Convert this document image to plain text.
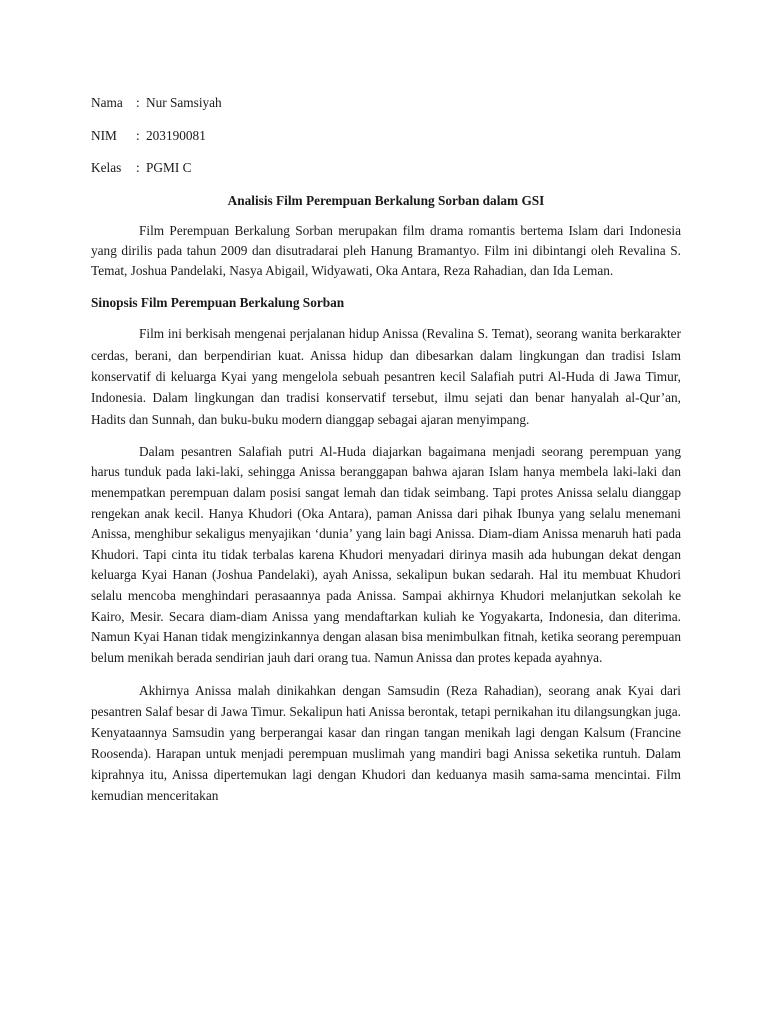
Nama : Nur Samsiyah
NIM	: 203190081
Kelas	: PGMI C
Analisis Film Perempuan Berkalung Sorban dalam GSI

Film Perempuan Berkalung Sorban merupakan film drama romantis bertema Islam dari Indonesia yang dirilis pada tahun 2009 dan disutradarai pleh Hanung Bramantyo. Film ini dibintangi oleh Revalina S. Temat, Joshua Pandelaki, Nasya Abigail, Widyawati, Oka Antara, Reza Rahadian, dan Ida Leman.

Sinopsis Film Perempuan Berkalung Sorban

Film ini berkisah mengenai perjalanan hidup Anissa (Revalina S. Temat), seorang wanita berkarakter cerdas, berani, dan berpendirian kuat. Anissa hidup dan dibesarkan dalam lingkungan dan tradisi Islam konservatif di keluarga Kyai yang mengelola sebuah pesantren kecil Salafiah putri Al-Huda di Jawa Timur, Indonesia. Dalam lingkungan dan tradisi konservatif tersebut, ilmu sejati dan benar hanyalah al-Qur’an, Hadits dan Sunnah, dan buku-buku modern dianggap sebagai ajaran menyimpang.

Dalam pesantren Salafiah putri Al-Huda diajarkan bagaimana menjadi seorang perempuan yang harus tunduk pada laki-laki, sehingga Anissa beranggapan bahwa ajaran Islam hanya membela laki-laki dan menempatkan perempuan dalam posisi sangat lemah dan tidak seimbang. Tapi protes Anissa selalu dianggap rengekan anak kecil. Hanya Khudori (Oka Antara), paman Anissa dari pihak Ibunya yang selalu menemani Anissa, menghibur sekaligus menyajikan ‘dunia’ yang lain bagi Anissa. Diam-diam Anissa menaruh hati pada Khudori. Tapi cinta itu tidak terbalas karena Khudori menyadari dirinya masih ada hubungan dekat dengan keluarga Kyai Hanan (Joshua Pandelaki), ayah Anissa, sekalipun bukan sedarah. Hal itu membuat Khudori selalu mencoba menghindari perasaannya pada Anissa. Sampai akhirnya Khudori melanjutkan sekolah ke Kairo, Mesir. Secara diam-diam Anissa yang mendaftarkan kuliah ke Yogyakarta, Indonesia, dan diterima. Namun Kyai Hanan tidak mengizinkannya dengan alasan bisa menimbulkan fitnah, ketika seorang perempuan belum menikah berada sendirian jauh dari orang tua. Namun Anissa dan protes kepada ayahnya.

Akhirnya Anissa malah dinikahkan dengan Samsudin (Reza Rahadian), seorang anak Kyai dari pesantren Salaf besar di Jawa Timur. Sekalipun hati Anissa berontak, tetapi pernikahan itu dilangsungkan juga. Kenyataannya Samsudin yang berperangai kasar dan ringan tangan menikah lagi dengan Kalsum (Francine Roosenda). Harapan untuk menjadi perempuan muslimah yang mandiri bagi Anissa seketika runtuh. Dalam kiprahnya itu, Anissa dipertemukan lagi dengan Khudori dan keduanya masih sama-sama mencintai. Film kemudian menceritakan
